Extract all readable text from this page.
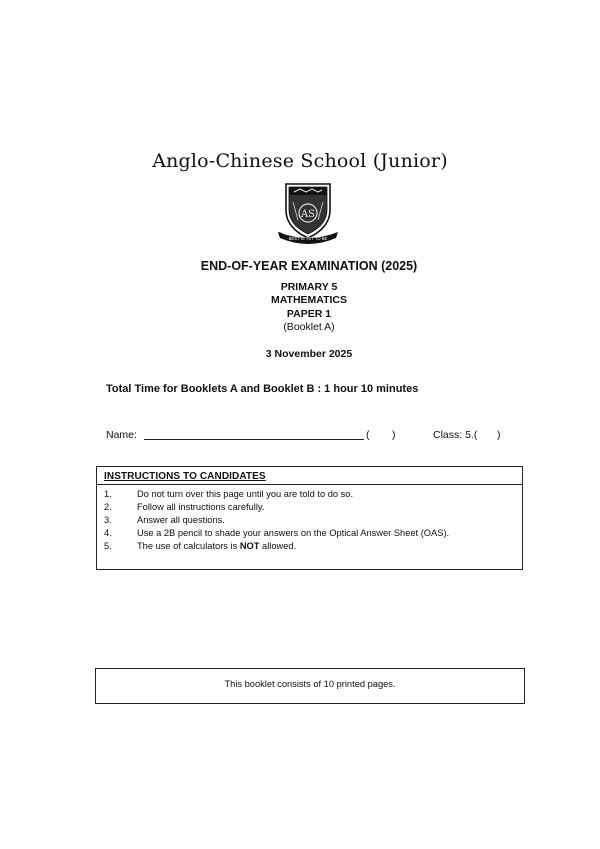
Anglo-Chinese School (Junior)
AS
BEST IS YET TO BE
END-OF-YEAR EXAMINATION (2025)
PRIMARY 5
MATHEMATICS
PAPER 1
(Booklet A)
3 November 2025
Total Time for Booklets A and Booklet B : 1 hour 10 minutes
Name:	( )	Class: 5.( )
INSTRUCTIONS TO CANDIDATES
1.	Do not turn over this page until you are told to do so.
2.	Follow all instructions carefully.
3.	Answer all questions.
4.	Use a 2B pencil to shade your answers on the Optical Answer Sheet (OAS).
5.	The use of calculators is NOT allowed.
This booklet consists of 10 printed pages.
